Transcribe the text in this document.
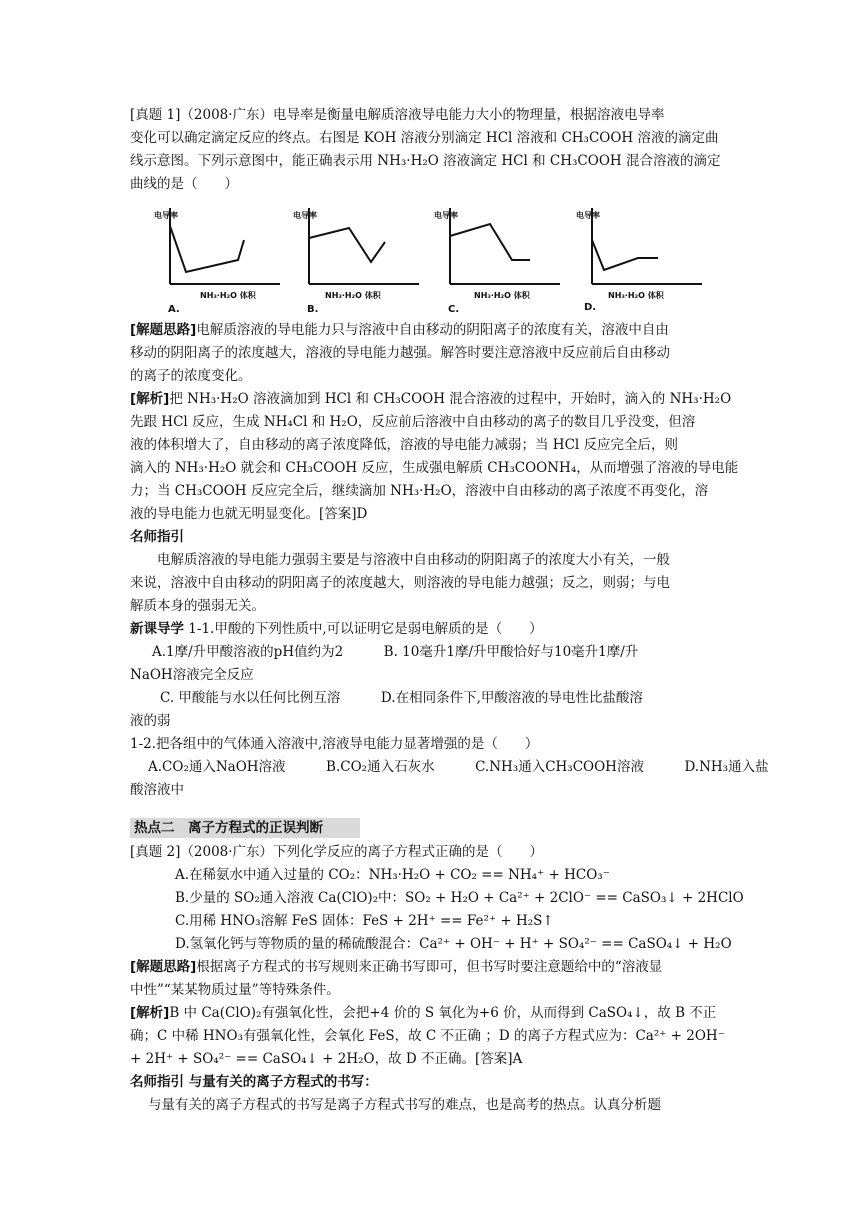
[真题 1]（2008·广东）电导率是衡量电解质溶液导电能力大小的物理量，根据溶液电导率
变化可以确定滴定反应的终点。右图是 KOH 溶液分别滴定 HCl 溶液和 CH₃COOH 溶液的滴定曲
线示意图。下列示意图中，能正确表示用 NH₃·H₂O 溶液滴定 HCl 和 CH₃COOH 混合溶液的滴定
曲线的是（　　）
电导率
NH₃·H₂O 体积
A.
电导率
NH₃·H₂O 体积
B.
电导率
NH₃·H₂O 体积
C.
电导率
NH₃·H₂O 体积
D.
[解题思路]电解质溶液的导电能力只与溶液中自由移动的阴阳离子的浓度有关，溶液中自由
移动的阴阳离子的浓度越大，溶液的导电能力越强。解答时要注意溶液中反应前后自由移动
的离子的浓度变化。
[解析]把 NH₃·H₂O 溶液滴加到 HCl 和 CH₃COOH 混合溶液的过程中，开始时，滴入的 NH₃·H₂O
先跟 HCl 反应，生成 NH₄Cl 和 H₂O，反应前后溶液中自由移动的离子的数目几乎没变，但溶
液的体积增大了，自由移动的离子浓度降低，溶液的导电能力减弱；当 HCl 反应完全后，则
滴入的 NH₃·H₂O 就会和 CH₃COOH 反应，生成强电解质 CH₃COONH₄，从而增强了溶液的导电能
力；当 CH₃COOH 反应完全后，继续滴加 NH₃·H₂O，溶液中自由移动的离子浓度不再变化，溶
液的导电能力也就无明显变化。[答案]D
名师指引
电解质溶液的导电能力强弱主要是与溶液中自由移动的阴阳离子的浓度大小有关，一般
来说，溶液中自由移动的阴阳离子的浓度越大，则溶液的导电能力越强；反之，则弱；与电
解质本身的强弱无关。
新课导学 1-1.甲酸的下列性质中,可以证明它是弱电解质的是（　　）
A.1摩/升甲酸溶液的pH值约为2　　　B. 10毫升1摩/升甲酸恰好与10毫升1摩/升
NaOH溶液完全反应
C. 甲酸能与水以任何比例互溶　　　D.在相同条件下,甲酸溶液的导电性比盐酸溶
液的弱
1-2.把各组中的气体通入溶液中,溶液导电能力显著增强的是（　　）
A.CO₂通入NaOH溶液　　　B.CO₂通入石灰水　　　C.NH₃通入CH₃COOH溶液　　　D.NH₃通入盐
酸溶液中
热点二　离子方程式的正误判断
[真题 2]（2008·广东）下列化学反应的离子方程式正确的是（　　）
A.在稀氨水中通入过量的 CO₂：NH₃·H₂O + CO₂ == NH₄⁺ + HCO₃⁻
B.少量的 SO₂通入溶液 Ca(ClO)₂中：SO₂ + H₂O + Ca²⁺ + 2ClO⁻ == CaSO₃↓ + 2HClO
C.用稀 HNO₃溶解 FeS 固体：FeS + 2H⁺ == Fe²⁺ + H₂S↑
D.氢氧化钙与等物质的量的稀硫酸混合：Ca²⁺ + OH⁻ + H⁺ + SO₄²⁻ == CaSO₄↓ + H₂O
[解题思路]根据离子方程式的书写规则来正确书写即可，但书写时要注意题给中的“溶液显
中性”“某某物质过量”等特殊条件。
[解析]B 中 Ca(ClO)₂有强氧化性，会把+4 价的 S 氧化为+6 价，从而得到 CaSO₄↓，故 B 不正
确；C 中稀 HNO₃有强氧化性，会氧化 FeS，故 C 不正确 ；D 的离子方程式应为：Ca²⁺ + 2OH⁻
+ 2H⁺ + SO₄²⁻ == CaSO₄↓ + 2H₂O，故 D 不正确。[答案]A
名师指引 与量有关的离子方程式的书写：
与量有关的离子方程式的书写是离子方程式书写的难点，也是高考的热点。认真分析题
